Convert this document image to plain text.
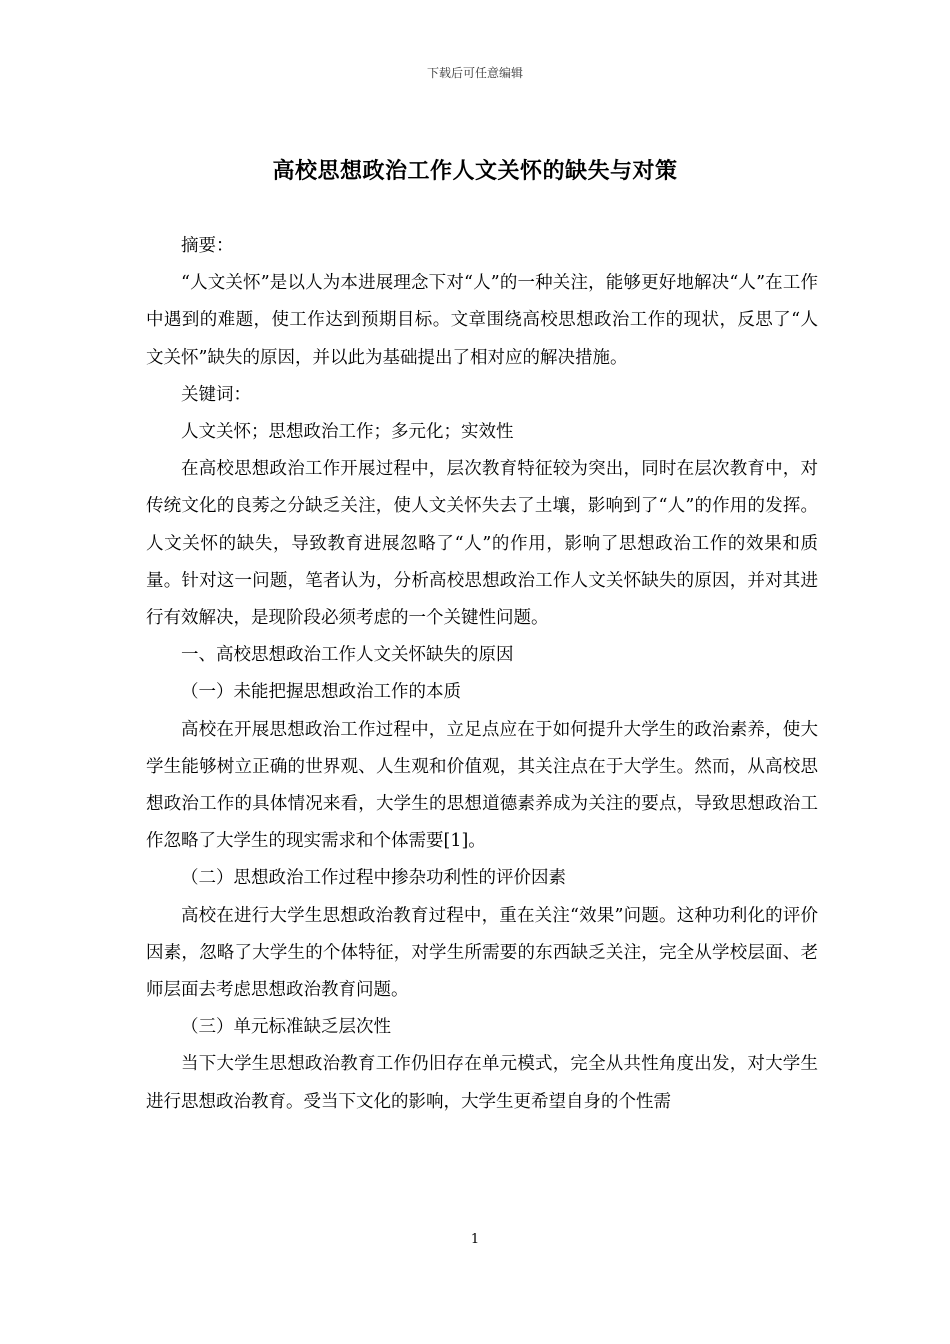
下载后可任意编辑
高校思想政治工作人文关怀的缺失与对策

摘要：

“人文关怀”是以人为本进展理念下对“人”的一种关注，能够更好地解决“人”在工作中遇到的难题，使工作达到预期目标。文章围绕高校思想政治工作的现状，反思了“人文关怀”缺失的原因，并以此为基础提出了相对应的解决措施。

关键词：

人文关怀；思想政治工作；多元化；实效性

在高校思想政治工作开展过程中，层次教育特征较为突出，同时在层次教育中，对传统文化的良莠之分缺乏关注，使人文关怀失去了土壤，影响到了“人”的作用的发挥。人文关怀的缺失，导致教育进展忽略了“人”的作用，影响了思想政治工作的效果和质量。针对这一问题，笔者认为，分析高校思想政治工作人文关怀缺失的原因，并对其进行有效解决，是现阶段必须考虑的一个关键性问题。

一、高校思想政治工作人文关怀缺失的原因

（一）未能把握思想政治工作的本质

高校在开展思想政治工作过程中，立足点应在于如何提升大学生的政治素养，使大学生能够树立正确的世界观、人生观和价值观，其关注点在于大学生。然而，从高校思想政治工作的具体情况来看，大学生的思想道德素养成为关注的要点，导致思想政治工作忽略了大学生的现实需求和个体需要[1]。

（二）思想政治工作过程中掺杂功利性的评价因素

高校在进行大学生思想政治教育过程中，重在关注“效果”问题。这种功利化的评价因素，忽略了大学生的个体特征，对学生所需要的东西缺乏关注，完全从学校层面、老师层面去考虑思想政治教育问题。

（三）单元标准缺乏层次性

当下大学生思想政治教育工作仍旧存在单元模式，完全从共性角度出发，对大学生进行思想政治教育。受当下文化的影响，大学生更希望自身的个性需

1
